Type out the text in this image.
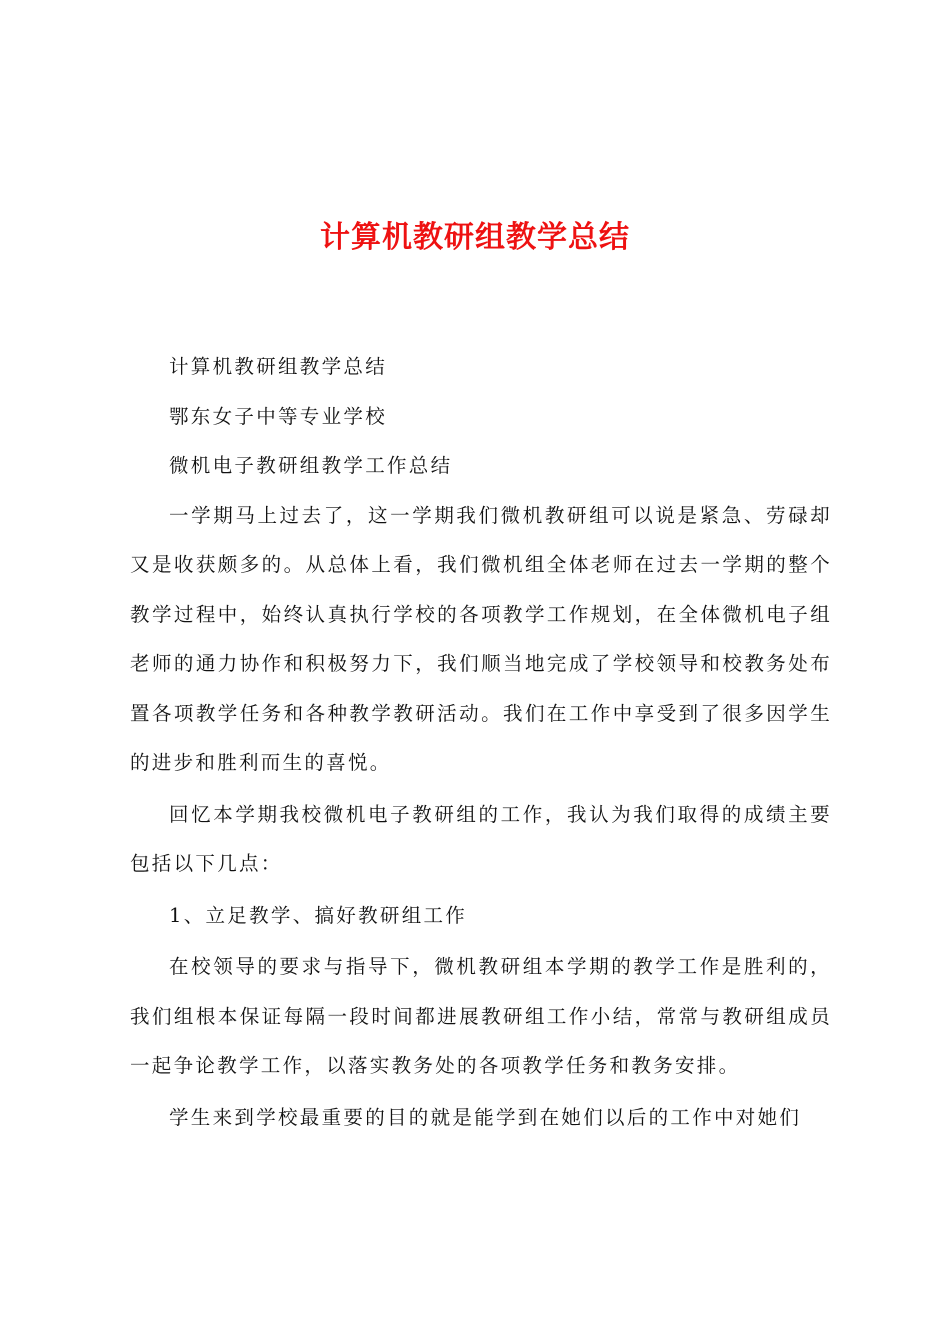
计算机教研组教学总结

计算机教研组教学总结

鄂东女子中等专业学校

微机电子教研组教学工作总结

一学期马上过去了，这一学期我们微机教研组可以说是紧急、劳碌却又是收获颇多的。从总体上看，我们微机组全体老师在过去一学期的整个教学过程中，始终认真执行学校的各项教学工作规划，在全体微机电子组老师的通力协作和积极努力下，我们顺当地完成了学校领导和校教务处布置各项教学任务和各种教学教研活动。我们在工作中享受到了很多因学生的进步和胜利而生的喜悦。

回忆本学期我校微机电子教研组的工作，我认为我们取得的成绩主要包括以下几点：

1、立足教学、搞好教研组工作

在校领导的要求与指导下，微机教研组本学期的教学工作是胜利的，我们组根本保证每隔一段时间都进展教研组工作小结，常常与教研组成员一起争论教学工作，以落实教务处的各项教学任务和教务安排。

学生来到学校最重要的目的就是能学到在她们以后的工作中对她们
